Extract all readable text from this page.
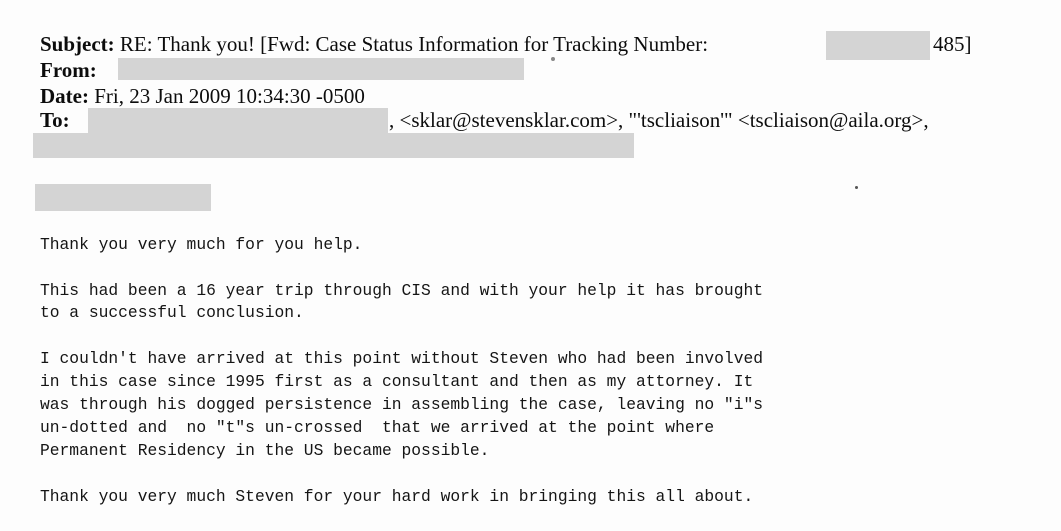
Subject: RE: Thank you! [Fwd: Case Status Information for Tracking Number:	485]
From:
Date: Fri, 23 Jan 2009 10:34:30 -0500
To:	, <sklar@stevensklar.com>, "'tscliaison'" <tscliaison@aila.org>,
Thank you very much for you help.
This had been a 16 year trip through CIS and with your help it has brought
to a successful conclusion.
I couldn't have arrived at this point without Steven who had been involved
in this case since 1995 first as a consultant and then as my attorney. It
was through his dogged persistence in assembling the case, leaving no "i"s
un-dotted and  no "t"s un-crossed  that we arrived at the point where
Permanent Residency in the US became possible.
Thank you very much Steven for your hard work in bringing this all about.
